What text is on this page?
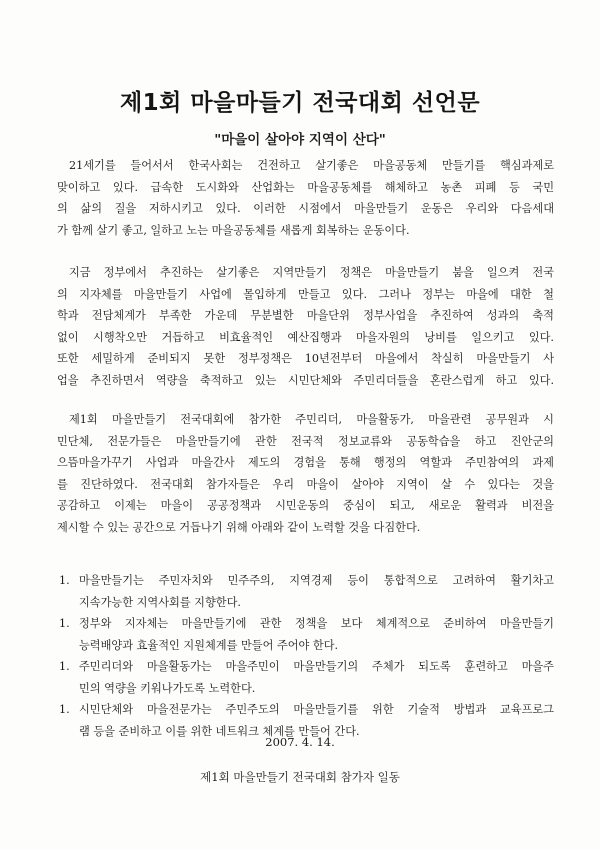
제1회 마을마들기 전국대회 선언문
"마을이 살아야 지역이 산다"
21세기를 들어서서 한국사회는 건전하고 살기좋은 마을공동체 만들기를 핵심과제로
맞이하고 있다. 급속한 도시화와 산업화는 마을공동체를 해체하고 농촌 피폐 등 국민
의 삶의 질을 저하시키고 있다. 이러한 시점에서 마을만들기 운동은 우리와 다음세대
가 함께 살기 좋고, 일하고 노는 마을공동체를 새롭게 회복하는 운동이다.
지금 정부에서 추진하는 살기좋은 지역만들기 정책은 마을만들기 붐을 일으켜 전국
의 지자체를 마을만들기 사업에 몰입하게 만들고 있다. 그러나 정부는 마을에 대한 철
학과 전담체계가 부족한 가운데 무분별한 마을단위 정부사업을 추진하여 성과의 축적
없이 시행착오만 거듭하고 비효율적인 예산집행과 마을자원의 낭비를 일으키고 있다.
또한 세밀하게 준비되지 못한 정부정책은 10년전부터 마을에서 착실히 마을만들기 사
업을 추진하면서 역량을 축적하고 있는 시민단체와 주민리더들을 혼란스럽게 하고 있다.
제1회 마을만들기 전국대회에 참가한 주민리더, 마을활동가, 마을관련 공무원과 시
민단체, 전문가들은 마을만들기에 관한 전국적 정보교류와 공동학습을 하고 진안군의
으뜸마을가꾸기 사업과 마을간사 제도의 경험을 통해 행정의 역할과 주민참여의 과제
를 진단하였다. 전국대회 참가자들은 우리 마을이 살아야 지역이 살 수 있다는 것을
공감하고 이제는 마을이 공공정책과 시민운동의 중심이 되고, 새로운 활력과 비전을
제시할 수 있는 공간으로 거듭나기 위해 아래와 같이 노력할 것을 다짐한다.
1. 마을만들기는 주민자치와 민주주의, 지역경제 등이 통합적으로 고려하여 활기차고
지속가능한 지역사회를 지향한다.
1. 정부와 지자체는 마을만들기에 관한 정책을 보다 체계적으로 준비하여 마을만들기
능력배양과 효율적인 지원체계를 만들어 주어야 한다.
1. 주민리더와 마을활동가는 마을주민이 마을만들기의 주체가 되도록 훈련하고 마을주
민의 역량을 키워나가도록 노력한다.
1. 시민단체와 마을전문가는 주민주도의 마을만들기를 위한 기술적 방법과 교육프로그
램 등을 준비하고 이를 위한 네트워크 체계를 만들어 간다.
2007. 4. 14.
제1회 마을만들기 전국대회 참가자 일동
